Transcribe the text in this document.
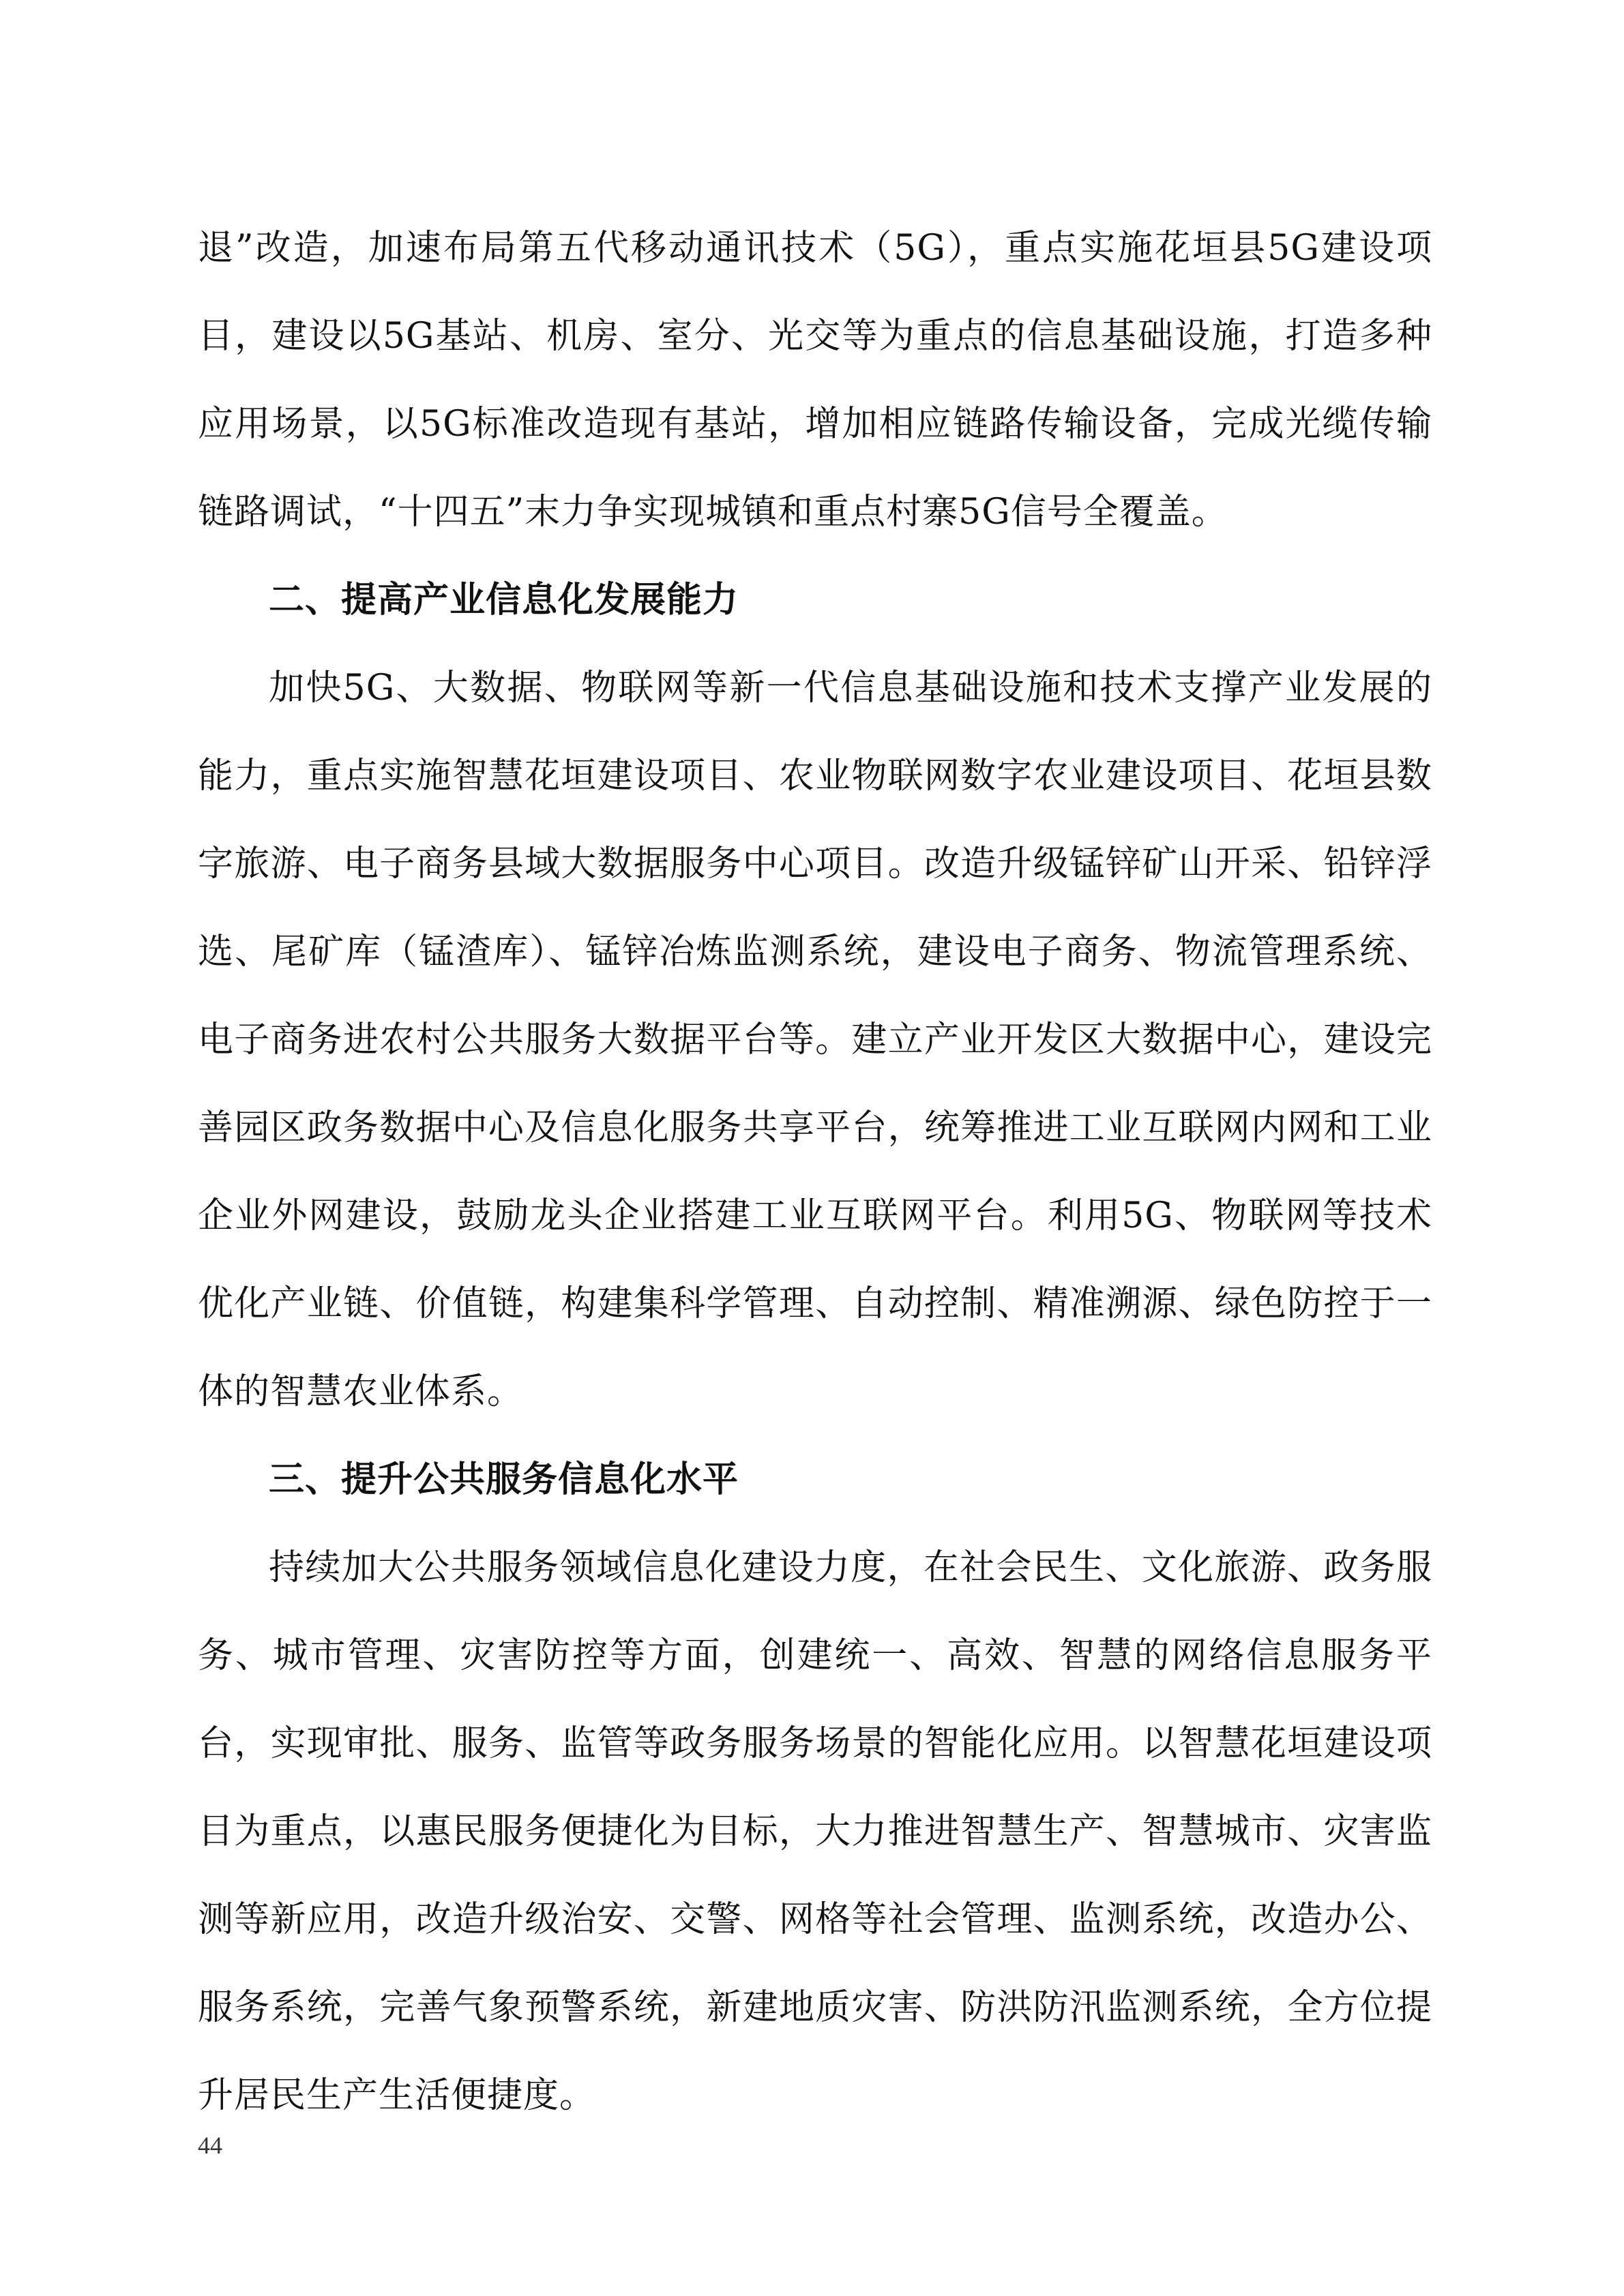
退”改造，加速布局第五代移动通讯技术（5G），重点实施花垣县5G建设项目，建设以5G基站、机房、室分、光交等为重点的信息基础设施，打造多种应用场景，以5G标准改造现有基站，增加相应链路传输设备，完成光缆传输链路调试，“十四五”末力争实现城镇和重点村寨5G信号全覆盖。

二、提高产业信息化发展能力

加快5G、大数据、物联网等新一代信息基础设施和技术支撑产业发展的能力，重点实施智慧花垣建设项目、农业物联网数字农业建设项目、花垣县数字旅游、电子商务县域大数据服务中心项目。改造升级锰锌矿山开采、铅锌浮选、尾矿库（锰渣库）、锰锌冶炼监测系统，建设电子商务、物流管理系统、电子商务进农村公共服务大数据平台等。建立产业开发区大数据中心，建设完善园区政务数据中心及信息化服务共享平台，统筹推进工业互联网内网和工业企业外网建设，鼓励龙头企业搭建工业互联网平台。利用5G、物联网等技术优化产业链、价值链，构建集科学管理、自动控制、精准溯源、绿色防控于一体的智慧农业体系。

三、提升公共服务信息化水平

持续加大公共服务领域信息化建设力度，在社会民生、文化旅游、政务服务、城市管理、灾害防控等方面，创建统一、高效、智慧的网络信息服务平台，实现审批、服务、监管等政务服务场景的智能化应用。以智慧花垣建设项目为重点，以惠民服务便捷化为目标，大力推进智慧生产、智慧城市、灾害监测等新应用，改造升级治安、交警、网格等社会管理、监测系统，改造办公、服务系统，完善气象预警系统，新建地质灾害、防洪防汛监测系统，全方位提升居民生产生活便捷度。

44
